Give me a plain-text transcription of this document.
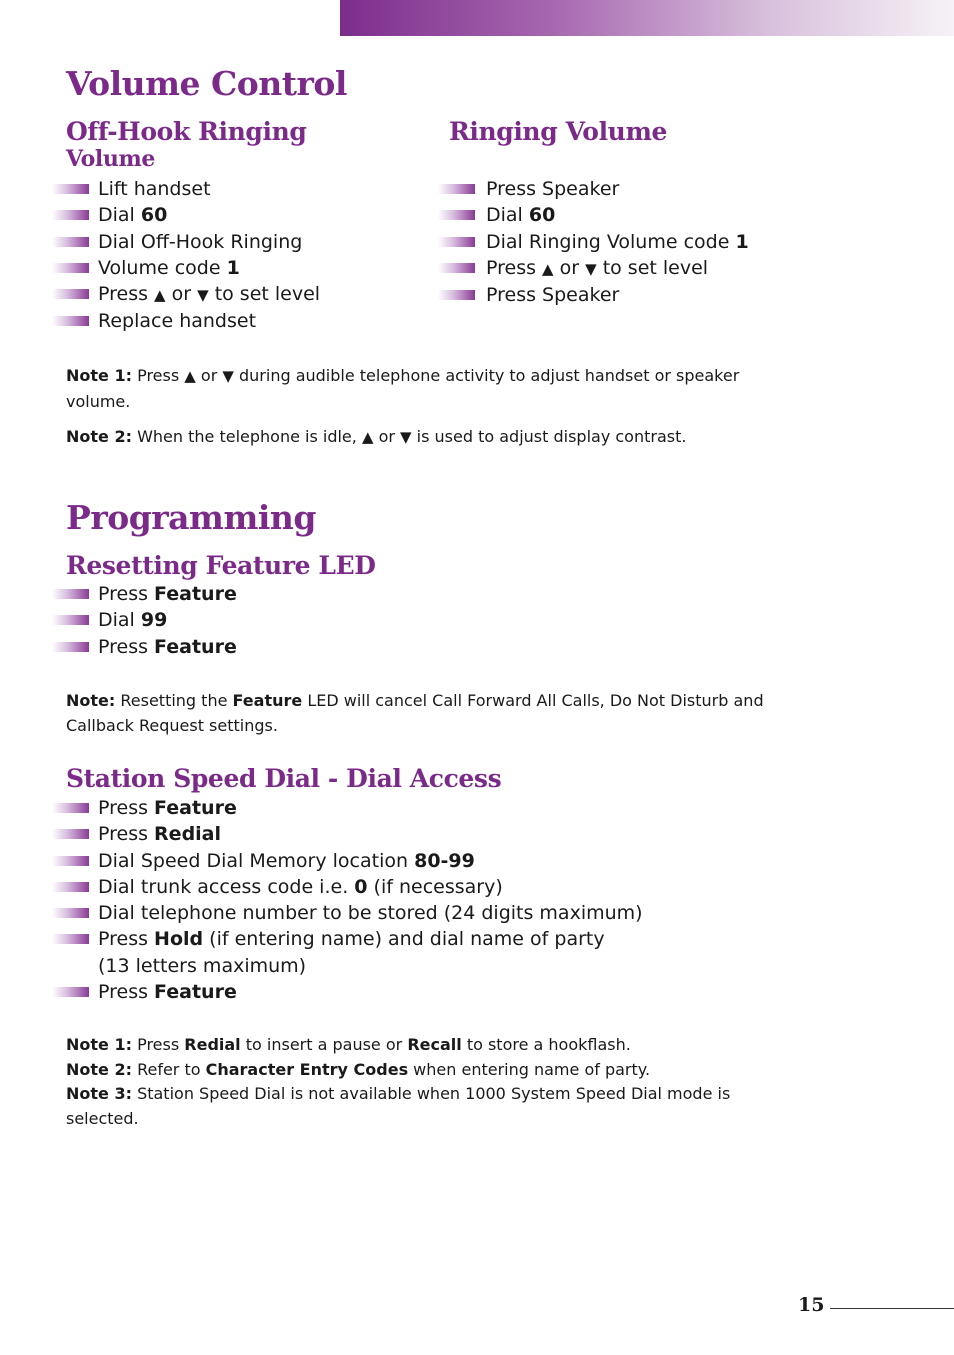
Volume Control
Off-Hook Ringing
Volume
Lift handset
Dial 60
Dial Off-Hook Ringing
Volume code 1
Press ▲ or ▼ to set level
Replace handset
Ringing Volume
Press Speaker
Dial 60
Dial Ringing Volume code 1
Press ▲ or ▼ to set level
Press Speaker

Note 1: Press ▲ or ▼ during audible telephone activity to adjust handset or speaker volume.

Note 2: When the telephone is idle, ▲ or ▼ is used to adjust display contrast.

Programming
Resetting Feature LED
Press Feature
Dial 99
Press Feature

Note: Resetting the Feature LED will cancel Call Forward All Calls, Do Not Disturb and Callback Request settings.

Station Speed Dial - Dial Access
Press Feature
Press Redial
Dial Speed Dial Memory location 80-99
Dial trunk access code i.e. 0 (if necessary)
Dial telephone number to be stored (24 digits maximum)
Press Hold (if entering name) and dial name of party
(13 letters maximum)
Press Feature

Note 1: Press Redial to insert a pause or Recall to store a hookflash.

Note 2: Refer to Character Entry Codes when entering name of party.

Note 3: Station Speed Dial is not available when 1000 System Speed Dial mode is selected.

15
